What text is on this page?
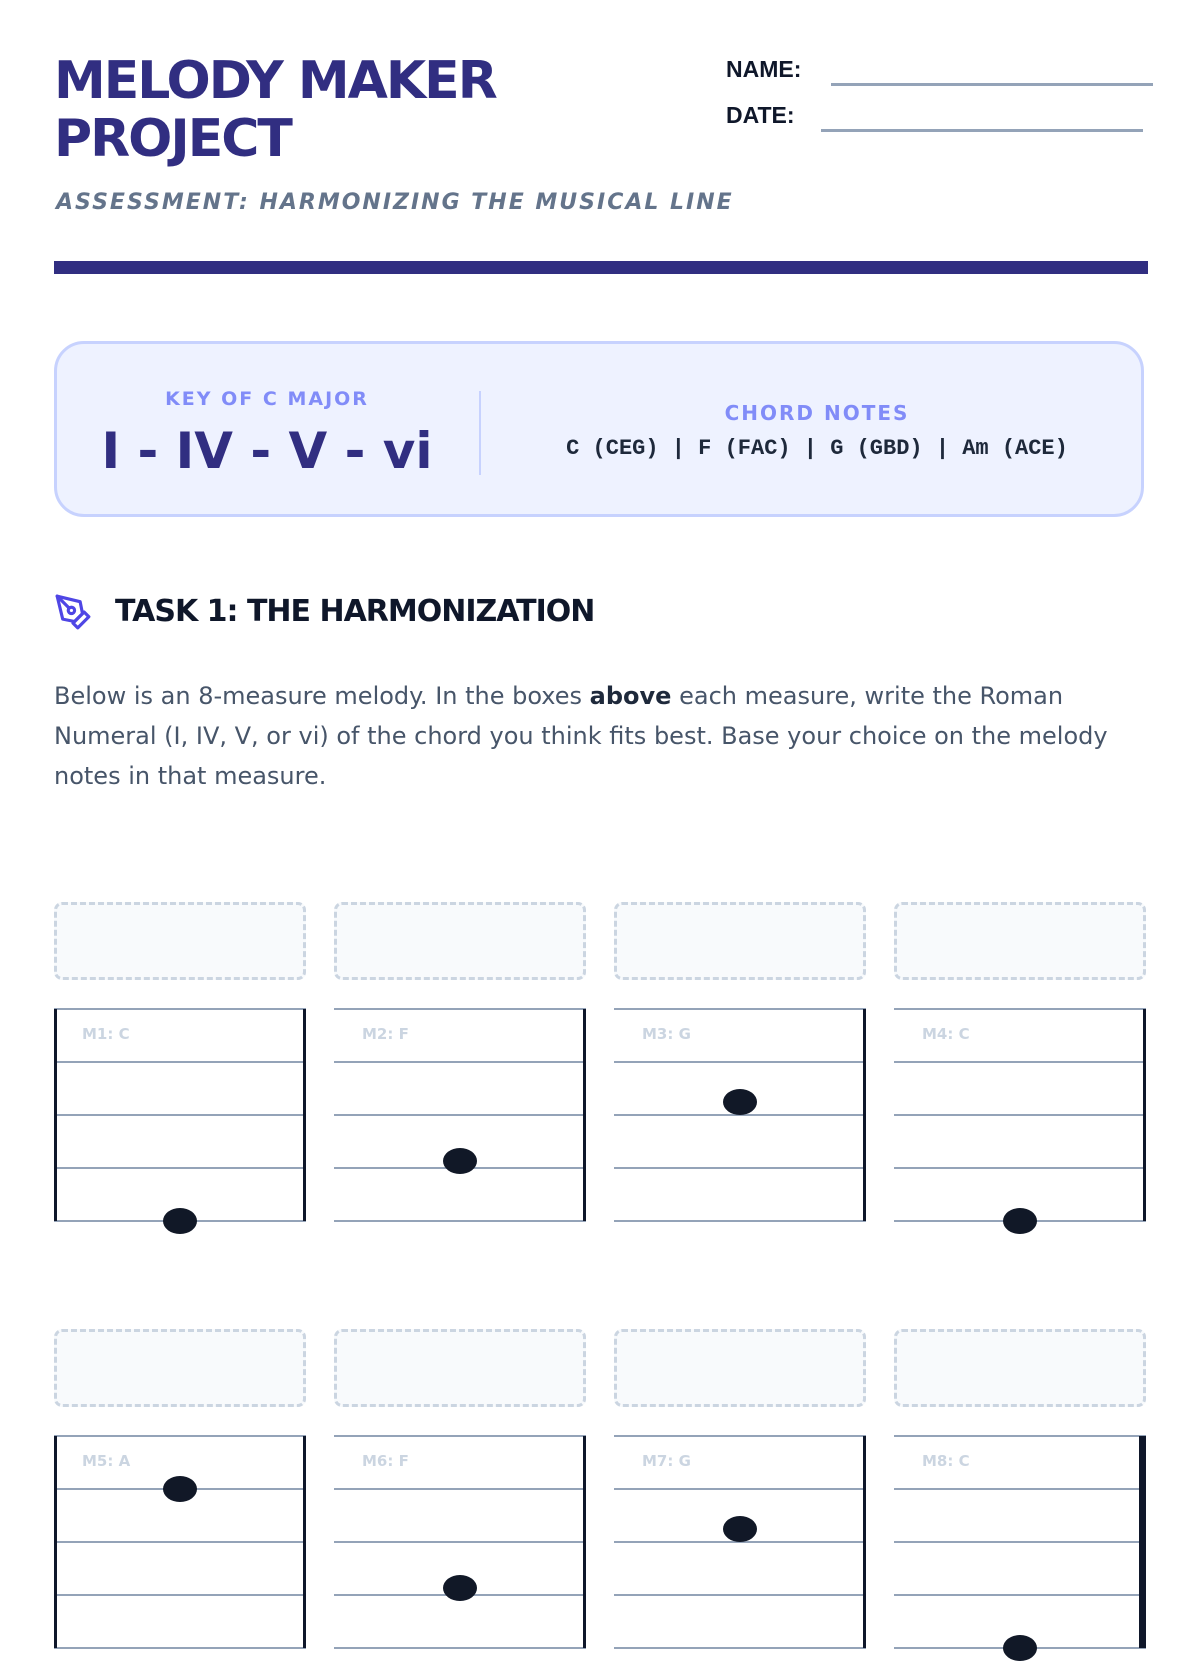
MELODY MAKER
PROJECT
ASSESSMENT: HARMONIZING THE MUSICAL LINE
NAME:
DATE:
KEY OF C MAJOR
I - IV - V - vi
CHORD NOTES
C (CEG) | F (FAC) | G (GBD) | Am (ACE)
TASK 1: THE HARMONIZATION
Below is an 8-measure melody. In the boxes above each measure, write the Roman Numeral (I, IV, V, or vi) of the chord you think fits best. Base your choice on the melody notes in that measure.
M1: C	M2: F	M3: G	M4: C
M5: A	M6: F	M7: G	M8: C
